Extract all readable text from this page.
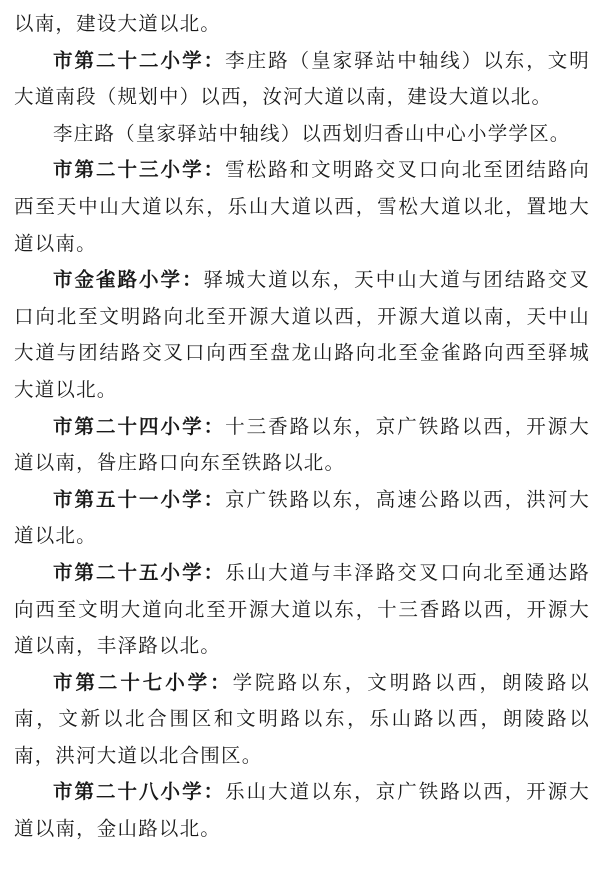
以南，建设大道以北。

市第二十二小学：李庄路（皇家驿站中轴线）以东，文明大道南段（规划中）以西，汝河大道以南，建设大道以北。

李庄路（皇家驿站中轴线）以西划归香山中心小学学区。

市第二十三小学：雪松路和文明路交叉口向北至团结路向西至天中山大道以东，乐山大道以西，雪松大道以北，置地大道以南。

市金雀路小学：驿城大道以东，天中山大道与团结路交叉口向北至文明路向北至开源大道以西，开源大道以南，天中山大道与团结路交叉口向西至盘龙山路向北至金雀路向西至驿城大道以北。

市第二十四小学：十三香路以东，京广铁路以西，开源大道以南，昝庄路口向东至铁路以北。

市第五十一小学：京广铁路以东，高速公路以西，洪河大道以北。

市第二十五小学：乐山大道与丰泽路交叉口向北至通达路向西至文明大道向北至开源大道以东，十三香路以西，开源大道以南，丰泽路以北。

市第二十七小学：学院路以东，文明路以西，朗陵路以南，文新以北合围区和文明路以东，乐山路以西，朗陵路以南，洪河大道以北合围区。

市第二十八小学：乐山大道以东，京广铁路以西，开源大道以南，金山路以北。
